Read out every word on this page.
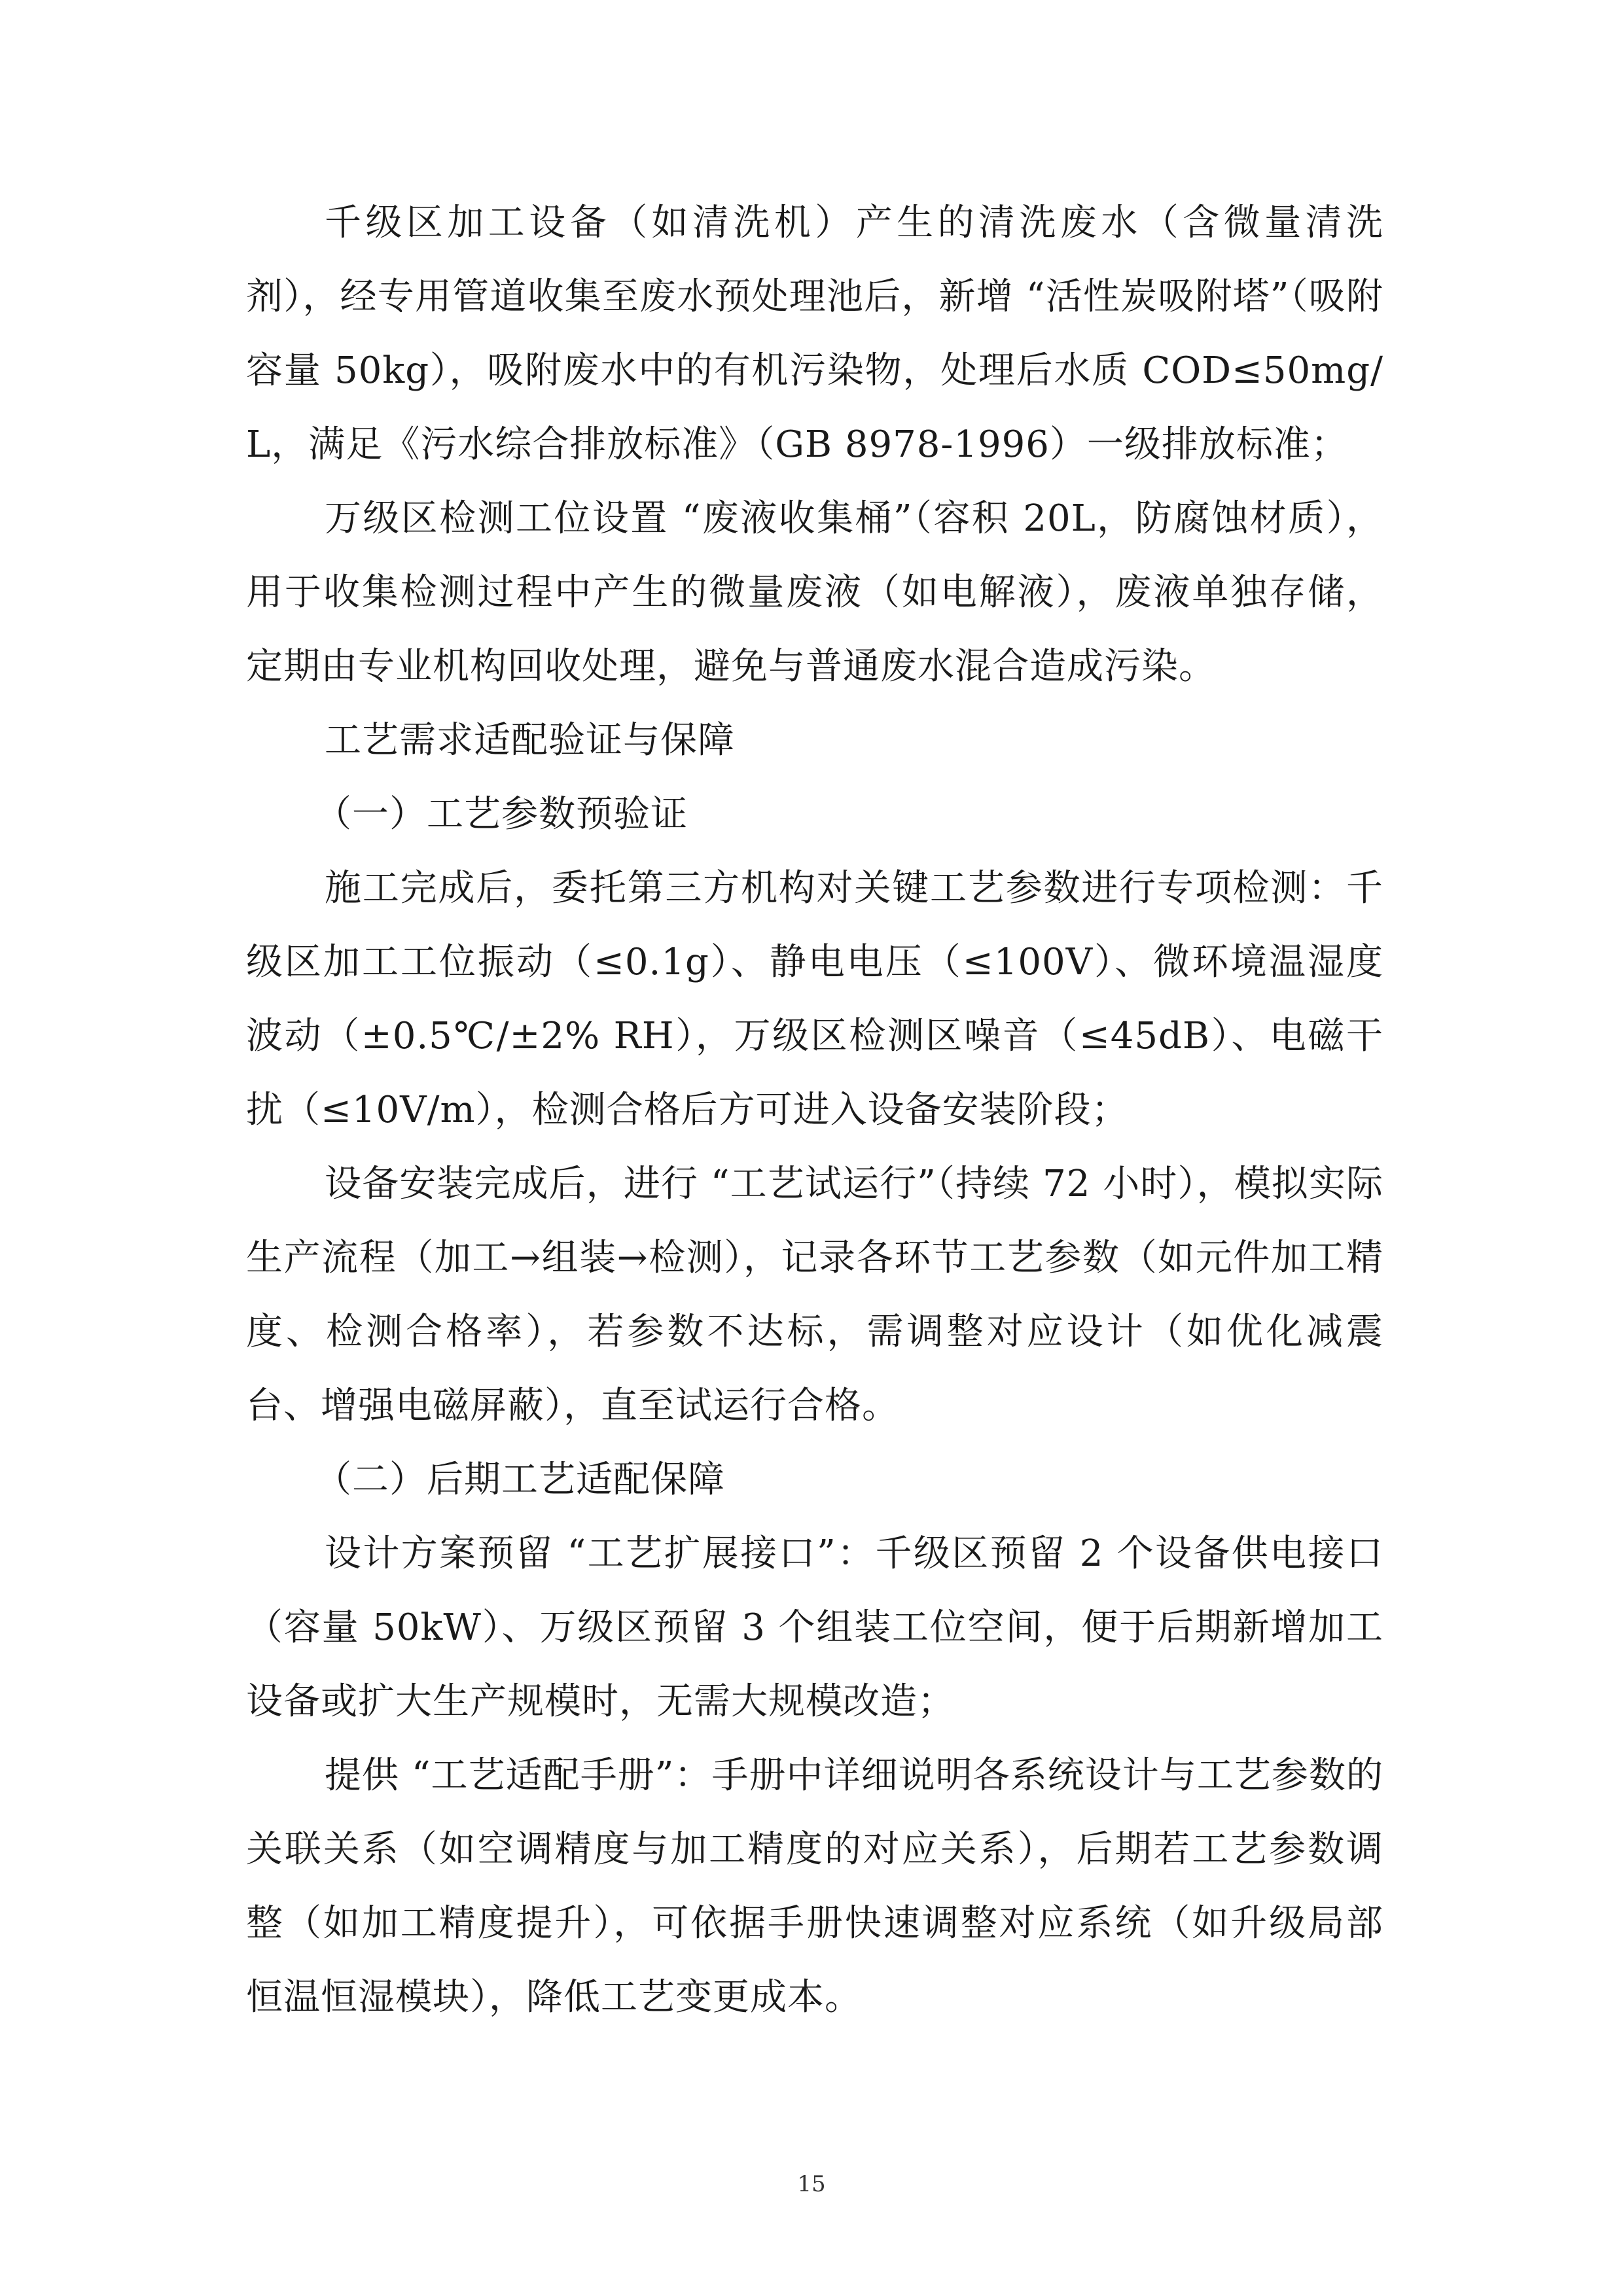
千级区加工设备（如清洗机）产生的清洗废水（含微量清洗剂），经专用管道收集至废水预处理池后，新增 “活性炭吸附塔”（吸附容量 50kg），吸附废水中的有机污染物，处理后水质 COD≤50mg/L，满足《污水综合排放标准》（GB 8978-1996）一级排放标准；

万级区检测工位设置 “废液收集桶”（容积 20L，防腐蚀材质），用于收集检测过程中产生的微量废液（如电解液），废液单独存储，定期由专业机构回收处理，避免与普通废水混合造成污染。

工艺需求适配验证与保障

（一）工艺参数预验证

施工完成后，委托第三方机构对关键工艺参数进行专项检测：千级区加工工位振动（≤0.1g）、静电电压（≤100V）、微环境温湿度波动（±0.5℃/±2% RH），万级区检测区噪音（≤45dB）、电磁干扰（≤10V/m），检测合格后方可进入设备安装阶段；

设备安装完成后，进行 “工艺试运行”（持续 72 小时），模拟实际生产流程（加工→组装→检测），记录各环节工艺参数（如元件加工精度、检测合格率），若参数不达标，需调整对应设计（如优化减震台、增强电磁屏蔽），直至试运行合格。

（二）后期工艺适配保障

设计方案预留 “工艺扩展接口”：千级区预留 2 个设备供电接口（容量 50kW）、万级区预留 3 个组装工位空间，便于后期新增加工设备或扩大生产规模时，无需大规模改造；

提供 “工艺适配手册”：手册中详细说明各系统设计与工艺参数的关联关系（如空调精度与加工精度的对应关系），后期若工艺参数调整（如加工精度提升），可依据手册快速调整对应系统（如升级局部恒温恒湿模块），降低工艺变更成本。

15
